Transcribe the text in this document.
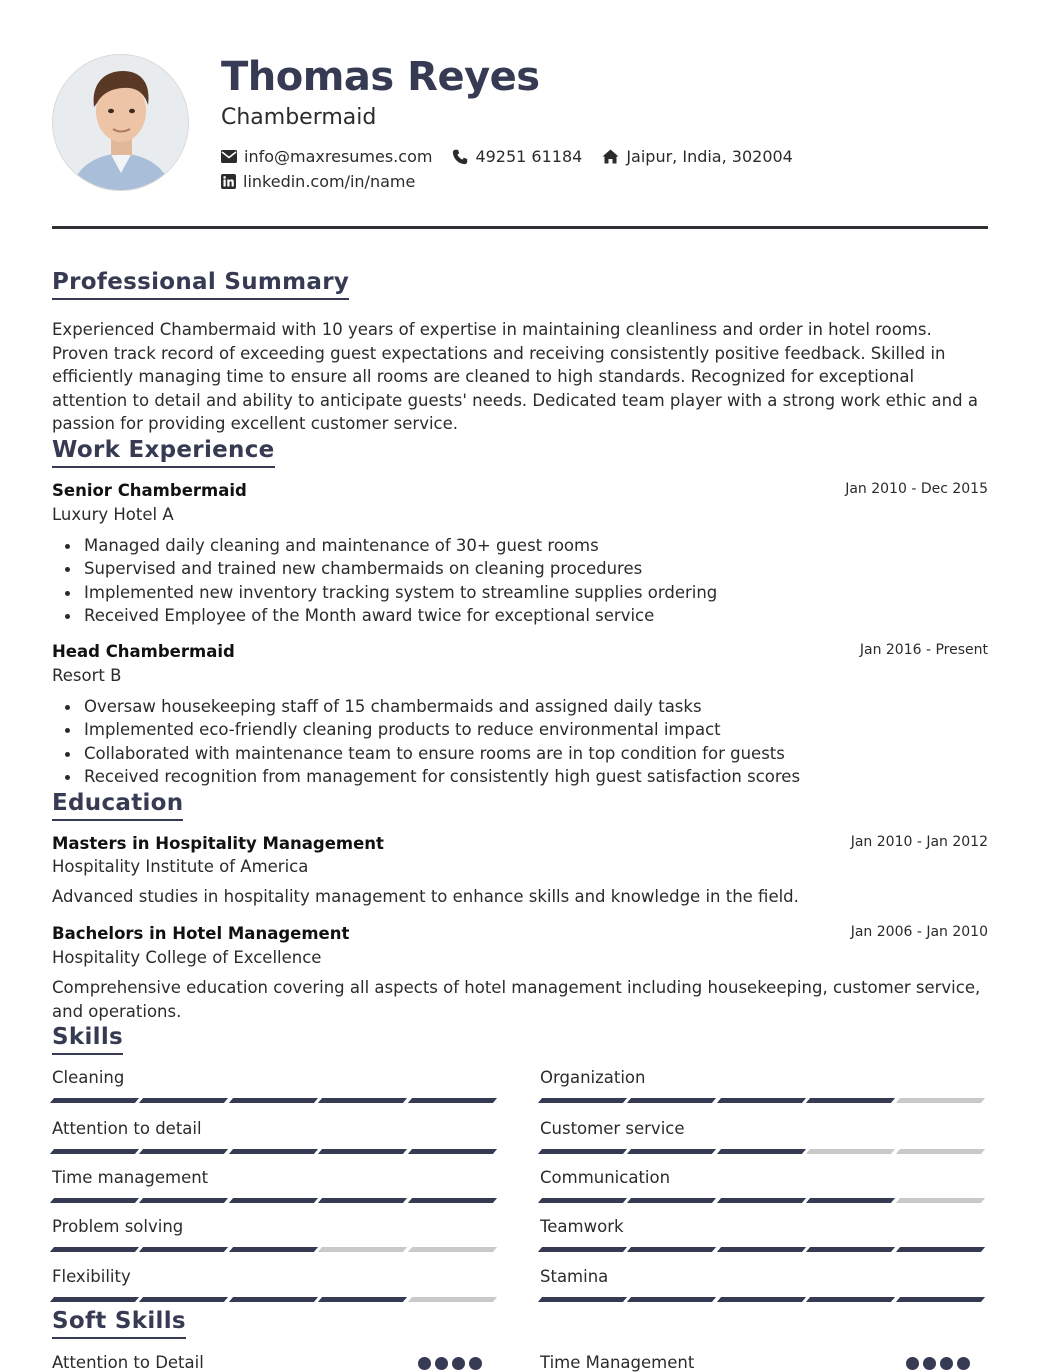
Thomas Reyes
Chambermaid
info@maxresumes.com	49251 61184	Jaipur, India, 302004
linkedin.com/in/name
Professional Summary
Experienced Chambermaid with 10 years of expertise in maintaining cleanliness and order in hotel rooms. Proven track record of exceeding guest expectations and receiving consistently positive feedback. Skilled in efficiently managing time to ensure all rooms are cleaned to high standards. Recognized for exceptional attention to detail and ability to anticipate guests' needs. Dedicated team player with a strong work ethic and a passion for providing excellent customer service.
Work Experience
Senior Chambermaid	Jan 2010 - Dec 2015
Luxury Hotel A
Managed daily cleaning and maintenance of 30+ guest rooms
Supervised and trained new chambermaids on cleaning procedures
Implemented new inventory tracking system to streamline supplies ordering
Received Employee of the Month award twice for exceptional service
Head Chambermaid	Jan 2016 - Present
Resort B
Oversaw housekeeping staff of 15 chambermaids and assigned daily tasks
Implemented eco-friendly cleaning products to reduce environmental impact
Collaborated with maintenance team to ensure rooms are in top condition for guests
Received recognition from management for consistently high guest satisfaction scores
Education
Masters in Hospitality Management	Jan 2010 - Jan 2012
Hospitality Institute of America
Advanced studies in hospitality management to enhance skills and knowledge in the field.
Bachelors in Hotel Management	Jan 2006 - Jan 2010
Hospitality College of Excellence
Comprehensive education covering all aspects of hotel management including housekeeping, customer service, and operations.
Skills
Cleaning	Organization
Attention to detail	Customer service
Time management	Communication
Problem solving	Teamwork
Flexibility	Stamina
Soft Skills
Attention to Detail	Time Management
